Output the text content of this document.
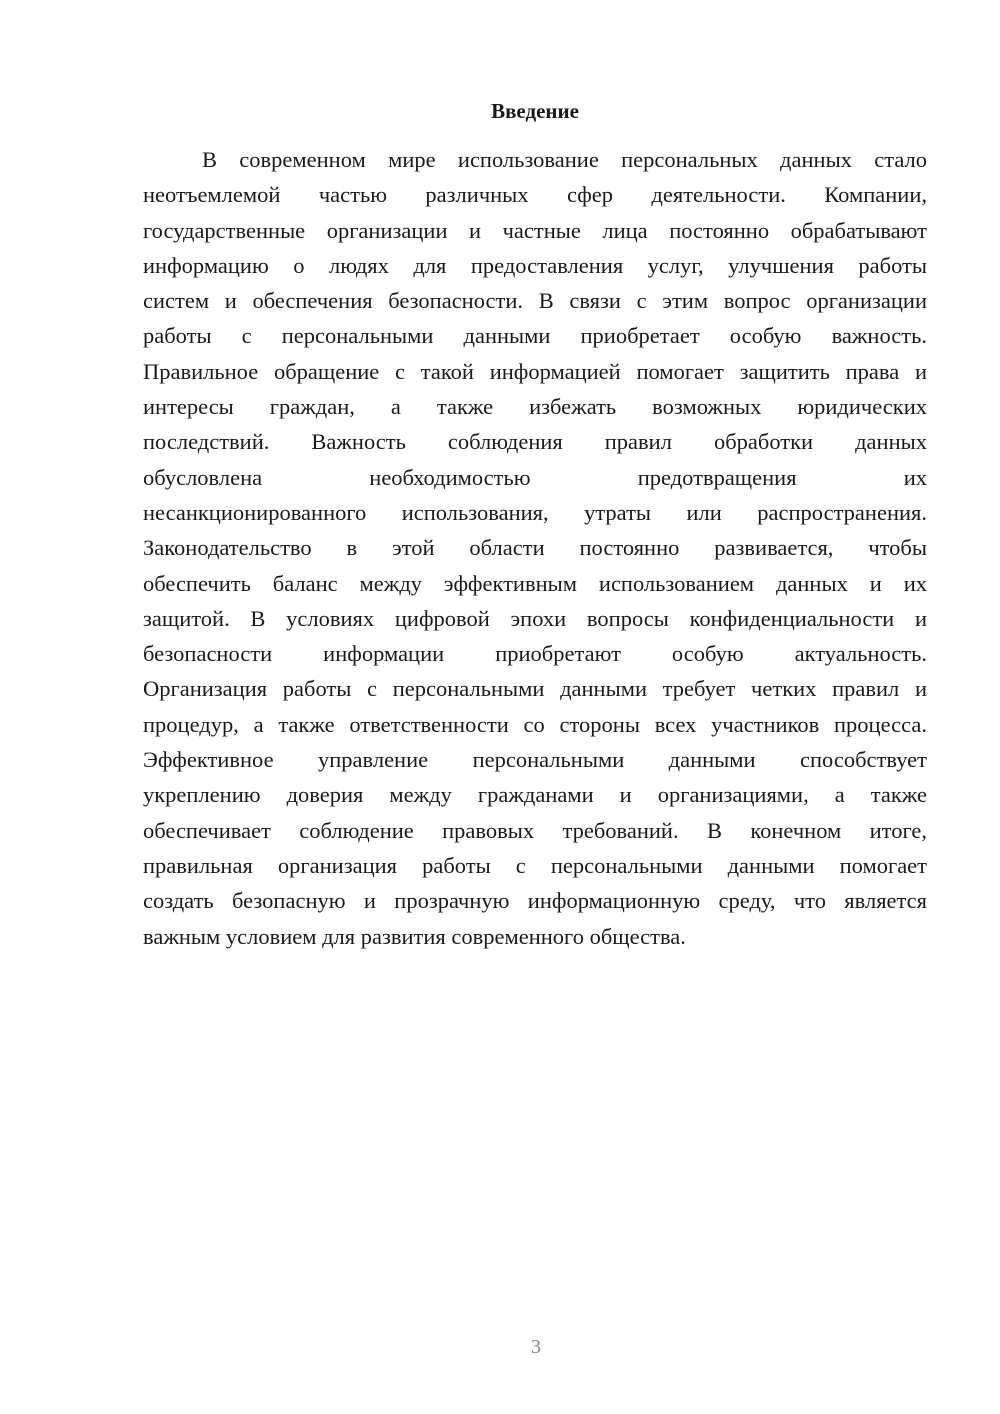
Введение
В современном мире использование персональных данных стало
неотъемлемой частью различных сфер деятельности. Компании,
государственные организации и частные лица постоянно обрабатывают
информацию о людях для предоставления услуг, улучшения работы
систем и обеспечения безопасности. В связи с этим вопрос организации
работы с персональными данными приобретает особую важность.
Правильное обращение с такой информацией помогает защитить права и
интересы граждан, а также избежать возможных юридических
последствий. Важность соблюдения правил обработки данных
обусловлена необходимостью предотвращения их
несанкционированного использования, утраты или распространения.
Законодательство в этой области постоянно развивается, чтобы
обеспечить баланс между эффективным использованием данных и их
защитой. В условиях цифровой эпохи вопросы конфиденциальности и
безопасности информации приобретают особую актуальность.
Организация работы с персональными данными требует четких правил и
процедур, а также ответственности со стороны всех участников процесса.
Эффективное управление персональными данными способствует
укреплению доверия между гражданами и организациями, а также
обеспечивает соблюдение правовых требований. В конечном итоге,
правильная организация работы с персональными данными помогает
создать безопасную и прозрачную информационную среду, что является
важным условием для развития современного общества.
3
